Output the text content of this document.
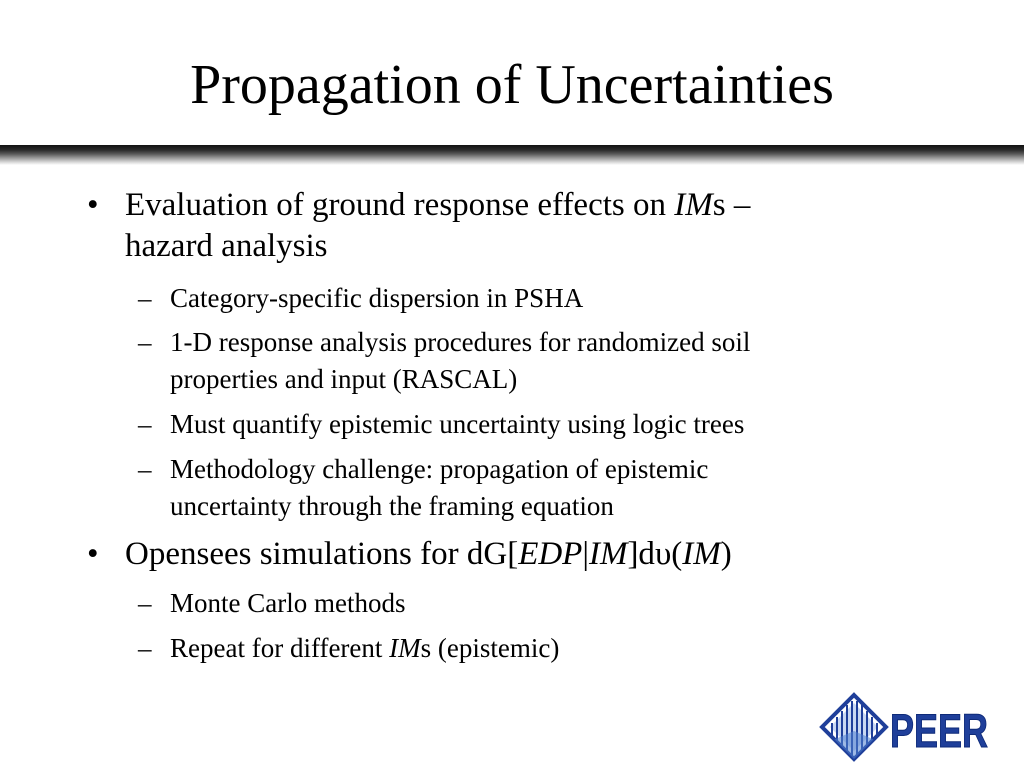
Propagation of Uncertainties
• Evaluation of ground response effects on IMs –
hazard analysis
– Category-specific dispersion in PSHA
– 1-D response analysis procedures for randomized soil
properties and input (RASCAL)
– Must quantify epistemic uncertainty using logic trees
– Methodology challenge: propagation of epistemic
uncertainty through the framing equation
• Opensees simulations for dG[EDP|IM]dυ(IM)
– Monte Carlo methods
– Repeat for different IMs (epistemic)
PEER
